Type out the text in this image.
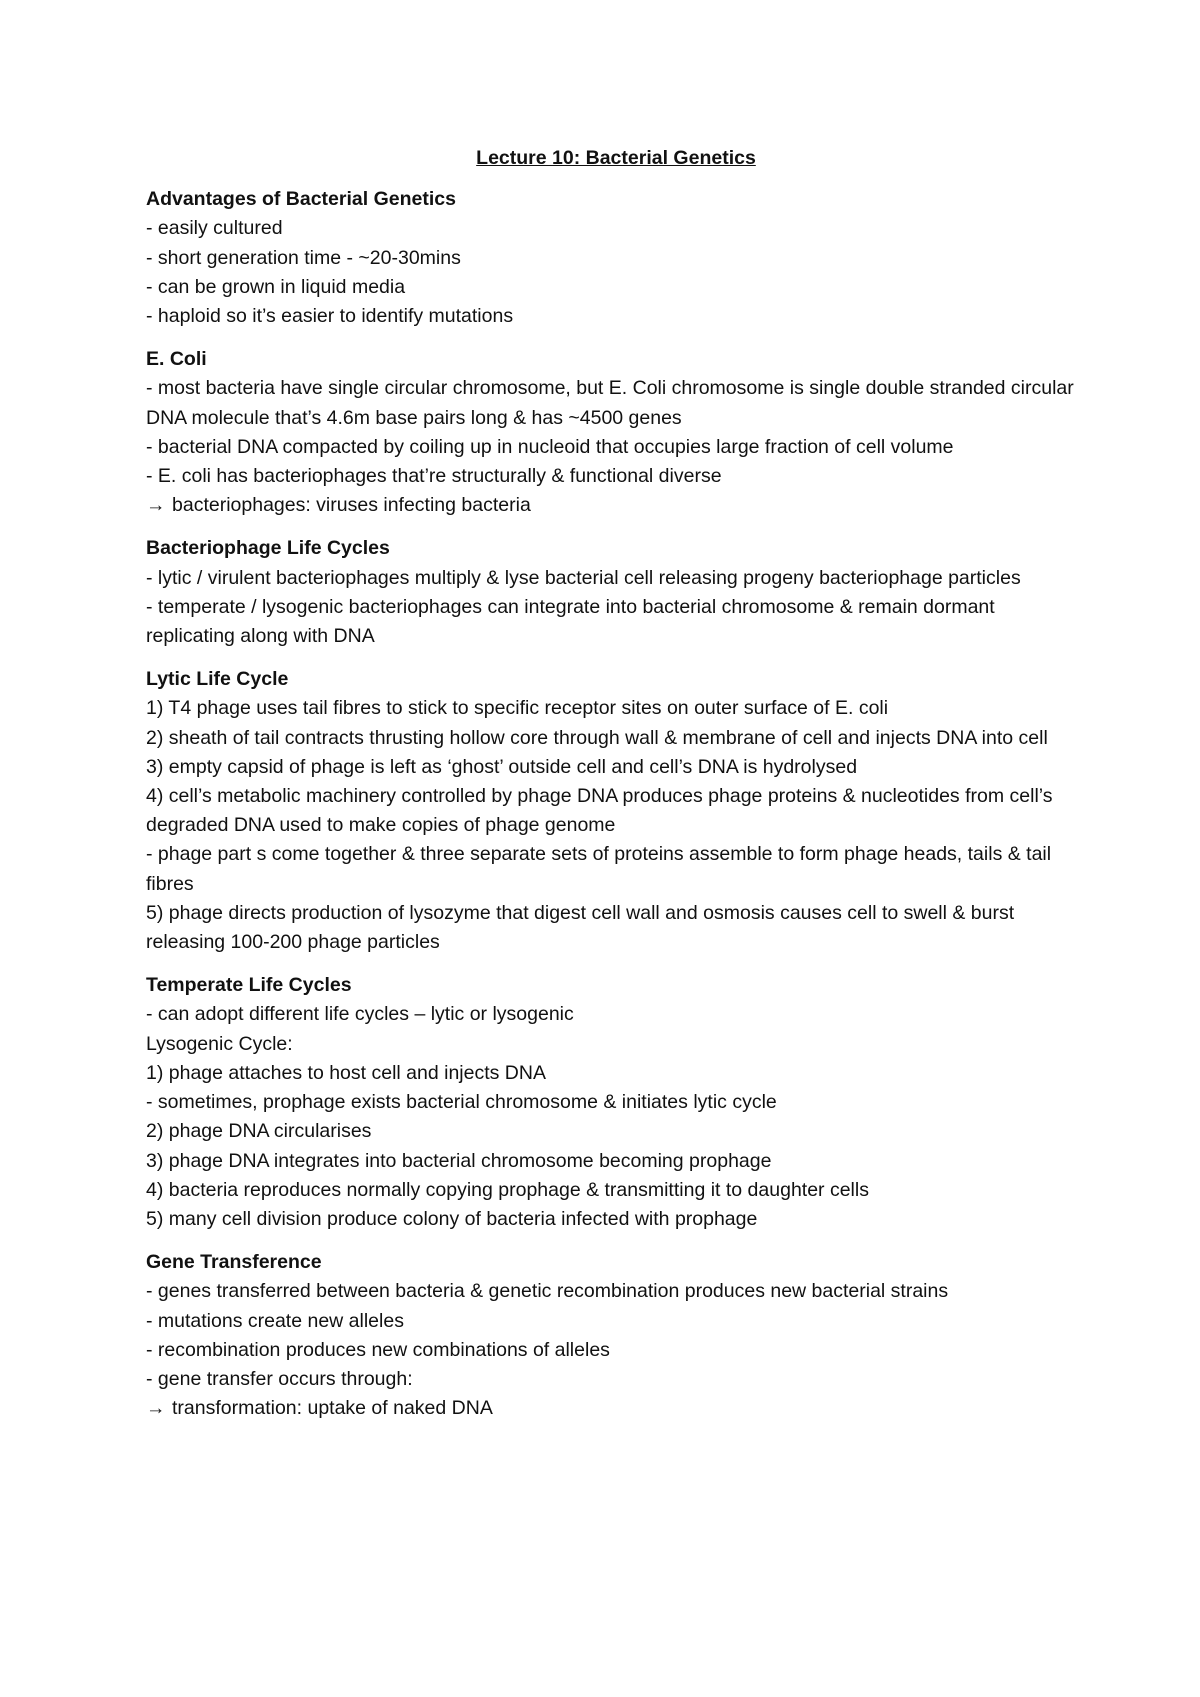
Lecture 10: Bacterial Genetics
Advantages of Bacterial Genetics
- easily cultured
- short generation time - ~20-30mins
- can be grown in liquid media
- haploid so it’s easier to identify mutations
E. Coli
- most bacteria have single circular chromosome, but E. Coli chromosome is single double stranded circular DNA molecule that’s 4.6m base pairs long & has ~4500 genes
- bacterial DNA compacted by coiling up in nucleoid that occupies large fraction of cell volume
- E. coli has bacteriophages that’re structurally & functional diverse
→ bacteriophages: viruses infecting bacteria
Bacteriophage Life Cycles
- lytic / virulent bacteriophages multiply & lyse bacterial cell releasing progeny bacteriophage particles
- temperate / lysogenic bacteriophages can integrate into bacterial chromosome & remain dormant replicating along with DNA
Lytic Life Cycle
1) T4 phage uses tail fibres to stick to specific receptor sites on outer surface of E. coli
2) sheath of tail contracts thrusting hollow core through wall & membrane of cell and injects DNA into cell
3) empty capsid of phage is left as ‘ghost’ outside cell and cell’s DNA is hydrolysed
4) cell’s metabolic machinery controlled by phage DNA produces phage proteins & nucleotides from cell’s degraded DNA used to make copies of phage genome
- phage part s come together & three separate sets of proteins assemble to form phage heads, tails & tail fibres
5) phage directs production of lysozyme that digest cell wall and osmosis causes cell to swell & burst releasing 100-200 phage particles
Temperate Life Cycles
- can adopt different life cycles – lytic or lysogenic
Lysogenic Cycle:
1) phage attaches to host cell and injects DNA
- sometimes, prophage exists bacterial chromosome & initiates lytic cycle
2) phage DNA circularises
3) phage DNA integrates into bacterial chromosome becoming prophage
4) bacteria reproduces normally copying prophage & transmitting it to daughter cells
5) many cell division produce colony of bacteria infected with prophage
Gene Transference
- genes transferred between bacteria & genetic recombination produces new bacterial strains
- mutations create new alleles
- recombination produces new combinations of alleles
- gene transfer occurs through:
→ transformation: uptake of naked DNA
